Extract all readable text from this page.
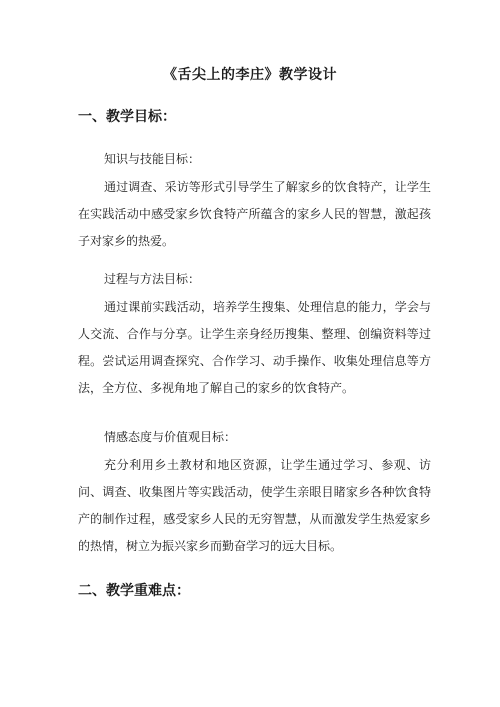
《舌尖上的李庄》教学设计
一、教学目标：
知识与技能目标：
通过调查、采访等形式引导学生了解家乡的饮食特产，让学生在实践活动中感受家乡饮食特产所蕴含的家乡人民的智慧，激起孩子对家乡的热爱。
过程与方法目标：
通过课前实践活动，培养学生搜集、处理信息的能力，学会与人交流、合作与分享。让学生亲身经历搜集、整理、创编资料等过程。尝试运用调查探究、合作学习、动手操作、收集处理信息等方法，全方位、多视角地了解自己的家乡的饮食特产。
情感态度与价值观目标：
充分利用乡土教材和地区资源，让学生通过学习、参观、访问、调查、收集图片等实践活动，使学生亲眼目睹家乡各种饮食特产的制作过程，感受家乡人民的无穷智慧，从而激发学生热爱家乡的热情，树立为振兴家乡而勤奋学习的远大目标。
二、教学重难点：
